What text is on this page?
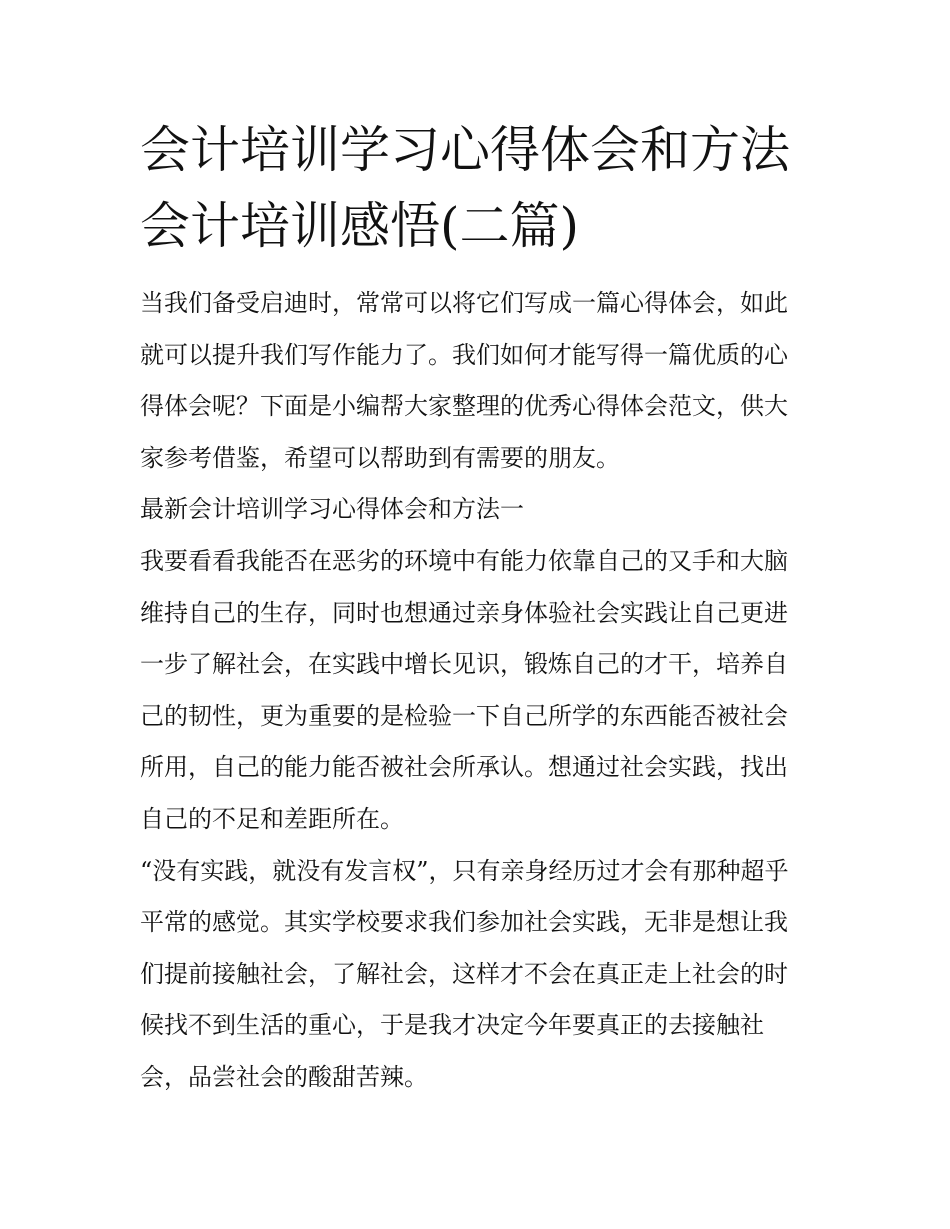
会计培训学习心得体会和方法
会计培训感悟(二篇)

当我们备受启迪时，常常可以将它们写成一篇心得体会，如此
就可以提升我们写作能力了。我们如何才能写得一篇优质的心
得体会呢？下面是小编帮大家整理的优秀心得体会范文，供大
家参考借鉴，希望可以帮助到有需要的朋友。

最新会计培训学习心得体会和方法一

我要看看我能否在恶劣的环境中有能力依靠自己的又手和大脑
维持自己的生存，同时也想通过亲身体验社会实践让自己更进
一步了解社会，在实践中增长见识，锻炼自己的才干，培养自
己的韧性，更为重要的是检验一下自己所学的东西能否被社会
所用，自己的能力能否被社会所承认。想通过社会实践，找出
自己的不足和差距所在。

“没有实践，就没有发言权”，只有亲身经历过才会有那种超乎
平常的感觉。其实学校要求我们参加社会实践，无非是想让我
们提前接触社会，了解社会，这样才不会在真正走上社会的时
候找不到生活的重心，于是我才决定今年要真正的去接触社
会，品尝社会的酸甜苦辣。
